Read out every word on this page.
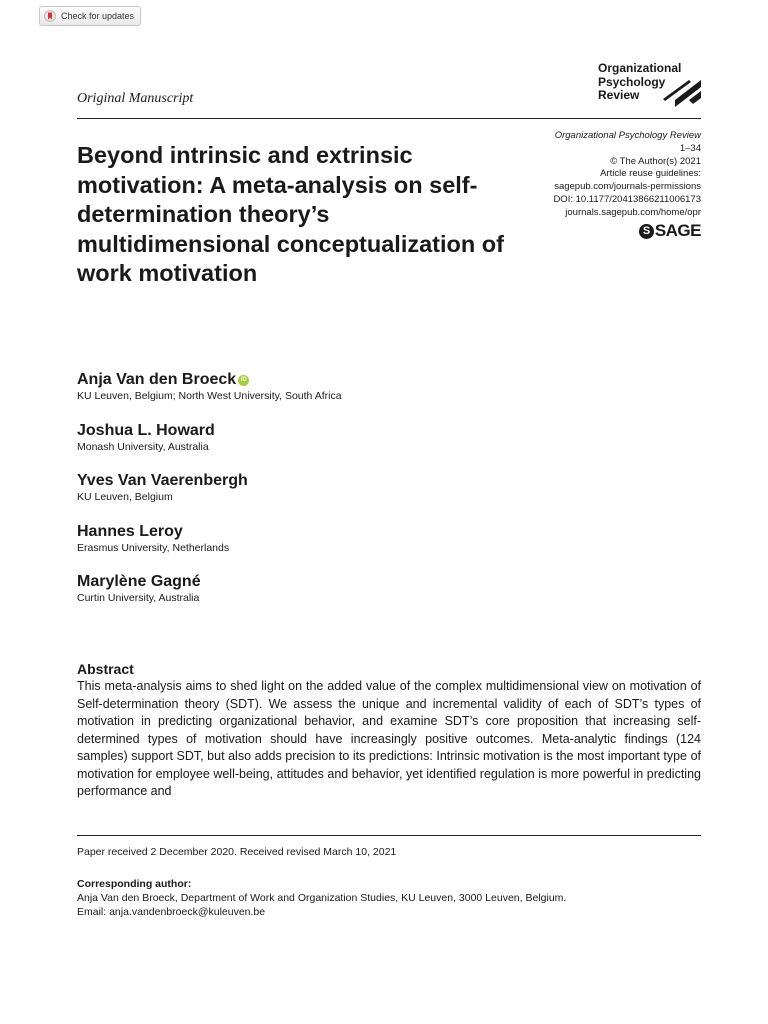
Check for updates
Organizational
Psychology
Review
Original Manuscript
Organizational Psychology Review
1–34
© The Author(s) 2021
Article reuse guidelines:
sagepub.com/journals-permissions
DOI: 10.1177/20413866211006173
journals.sagepub.com/home/opr
S SAGE
Beyond intrinsic and extrinsic motivation: A meta-analysis on self-determination theory’s multidimensional conceptualization of work motivation
Anja Van den Broeck iD
KU Leuven, Belgium; North West University, South Africa
Joshua L. Howard
Monash University, Australia
Yves Van Vaerenbergh
KU Leuven, Belgium
Hannes Leroy
Erasmus University, Netherlands
Marylène Gagné
Curtin University, Australia
Abstract

This meta-analysis aims to shed light on the added value of the complex multidimensional view on motivation of Self-determination theory (SDT). We assess the unique and incremental validity of each of SDT’s types of motivation in predicting organizational behavior, and examine SDT’s core proposition that increasing self-determined types of motivation should have increasingly positive outcomes. Meta-analytic findings (124 samples) support SDT, but also adds precision to its predictions: Intrinsic motivation is the most important type of motivation for employee well-being, attitudes and behavior, yet identified regulation is more powerful in predicting performance and

Paper received 2 December 2020. Received revised March 10, 2021
Corresponding author:
Anja Van den Broeck, Department of Work and Organization Studies, KU Leuven, 3000 Leuven, Belgium.
Email: anja.vandenbroeck@kuleuven.be
